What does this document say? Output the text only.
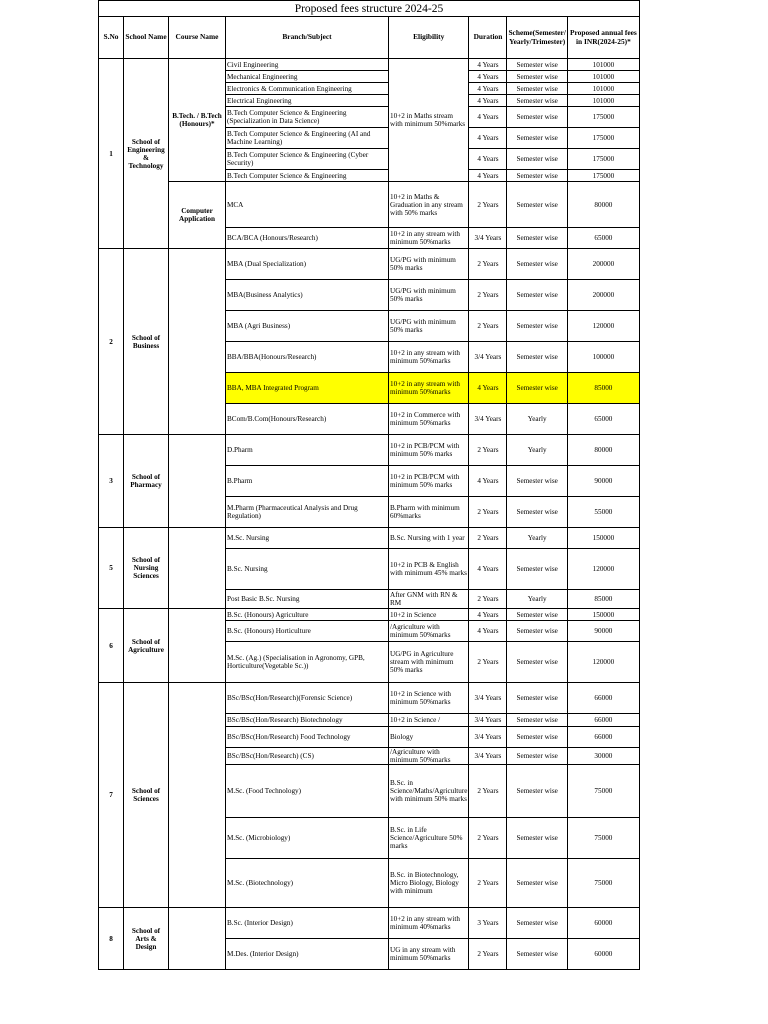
Proposed fees structure 2024-25							
S.No	School Name	Course Name	Branch/Subject	Eligibility	Duration	Scheme(Semester/ Yearly/Trimester)	Proposed annual fees in INR(2024-25)*
1	School of Engineering & Technology	B.Tech. / B.Tech (Honours)*	Civil Engineering	10+2 in Maths stream with minimum 50%marks	4 Years	Semester wise	101000
			Mechanical Engineering		4 Years	Semester wise	101000
			Electronics & Communication Engineering		4 Years	Semester wise	101000
			Electrical Engineering		4 Years	Semester wise	101000
			B.Tech Computer Science & Engineering (Specialization in Data Science)		4 Years	Semester wise	175000
			B.Tech Computer Science & Engineering (AI and Machine Learning)		4 Years	Semester wise	175000
			B.Tech Computer Science & Engineering (Cyber Security)		4 Years	Semester wise	175000
			B.Tech Computer Science & Engineering		4 Years	Semester wise	175000
		Computer Application	MCA	10+2 in Maths & Graduation in any stream with 50% marks	2 Years	Semester wise	80000
			BCA/BCA (Honours/Research)	10+2 in any stream with minimum 50%marks	3/4 Years	Semester wise	65000
2	School of Business		MBA (Dual Specialization)	UG/PG with minimum 50% marks	2 Years	Semester wise	200000
			MBA(Business Analytics)	UG/PG with minimum 50% marks	2 Years	Semester wise	200000
			MBA (Agri Business)	UG/PG with minimum 50% marks	2 Years	Semester wise	120000
			BBA/BBA(Honours/Research)	10+2 in any stream with minimum 50%marks	3/4 Years	Semester wise	100000
			BBA, MBA Integrated Program	10+2 in any stream with minimum 50%marks	4 Years	Semester wise	85000
			BCom/B.Com(Honours/Research)	10+2 in Commerce with minimum 50%marks	3/4 Years	Yearly	65000
3	School of Pharmacy		D.Pharm	10+2 in PCB/PCM with minimum 50% marks	2 Years	Yearly	80000
			B.Pharm	10+2 in PCB/PCM with minimum 50% marks	4 Years	Semester wise	90000
			M.Pharm (Pharmaceutical Analysis and Drug Regulation)	B.Pharm with minimum 60%marks	2 Years	Semester wise	55000
5	School of Nursing Sciences		M.Sc. Nursing	B.Sc. Nursing with 1 year	2 Years	Yearly	150000
			B.Sc. Nursing	10+2 in PCB & English with minimum 45% marks	4 Years	Semester wise	120000
			Post Basic B.Sc. Nursing	After GNM with RN & RM	2 Years	Yearly	85000
6	School of Agriculture		B.Sc. (Honours) Agriculture	10+2 in Science	4 Years	Semester wise	150000
			B.Sc. (Honours) Horticulture	/Agriculture with minimum 50%marks	4 Years	Semester wise	90000
			M.Sc. (Ag.) (Specialisation in Agronomy, GPB, Horticulture(Vegetable Sc.))	UG/PG in Agriculture stream with minimum 50% marks	2 Years	Semester wise	120000
7	School of Sciences		BSc/BSc(Hon/Research)(Forensic Science)	10+2 in Science with minimum 50%marks	3/4 Years	Semester wise	66000
			BSc/BSc(Hon/Research) Biotechnology	10+2 in Science /	3/4 Years	Semester wise	66000
			BSc/BSc(Hon/Research) Food Technology	Biology	3/4 Years	Semester wise	66000
			BSc/BSc(Hon/Research) (CS)	/Agriculture with minimum 50%marks	3/4 Years	Semester wise	30000
			M.Sc. (Food Technology)	B.Sc. in Science/Maths/Agriculture with minimum 50% marks	2 Years	Semester wise	75000
			M.Sc. (Microbiology)	B.Sc. in Life Science/Agriculture 50% marks	2 Years	Semester wise	75000
			M.Sc. (Biotechnology)	B.Sc. in Biotechnology, Micro Biology, Biology with minimum	2 Years	Semester wise	75000
8	School of Arts & Design		B.Sc. (Interior Design)	10+2 in any stream with minimum 40%marks	3 Years	Semester wise	60000
			M.Des. (Interior Design)	UG in any stream with minimum 50%marks	2 Years	Semester wise	60000
